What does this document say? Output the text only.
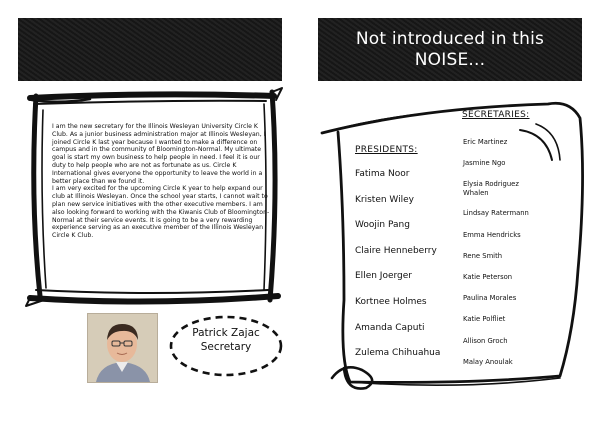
Not introduced in this
NOISE...
I am the new secretary for the Illinois Wesleyan University Circle K Club. As a junior business administration major at Illinois Wesleyan, I joined Circle K last year because I wanted to make a difference on campus and in the community of Bloomington-Normal. My ultimate goal is start my own business to help people in need. I feel it is our duty to help people who are not as fortunate as us. Circle K International gives everyone the opportunity to leave the world in a better place than we found it.
I am very excited for the upcoming Circle K year to help expand our club at Illinois Wesleyan. Once the school year starts, I cannot wait to plan new service initiatives with the other executive members. I am also looking forward to working with the Kiwanis Club of Bloomington-Normal at their service events. It is going to be a very rewarding experience serving as an executive member of the Illinois Wesleyan Circle K Club.
Patrick Zajac
Secretary
PRESIDENTS:
Fatima Noor
Kristen Wiley
Woojin Pang
Claire Henneberry
Ellen Joerger
Kortnee Holmes
Amanda Caputi
Zulema Chihuahua
SECRETARIES:
Eric Martinez
Jasmine Ngo
Elysia Rodriguez Whalen
Lindsay Ratermann
Emma Hendricks
Rene Smith
Katie Peterson
Paulina Morales
Katie Polfliet
Allison Groch
Malay Anoulak
